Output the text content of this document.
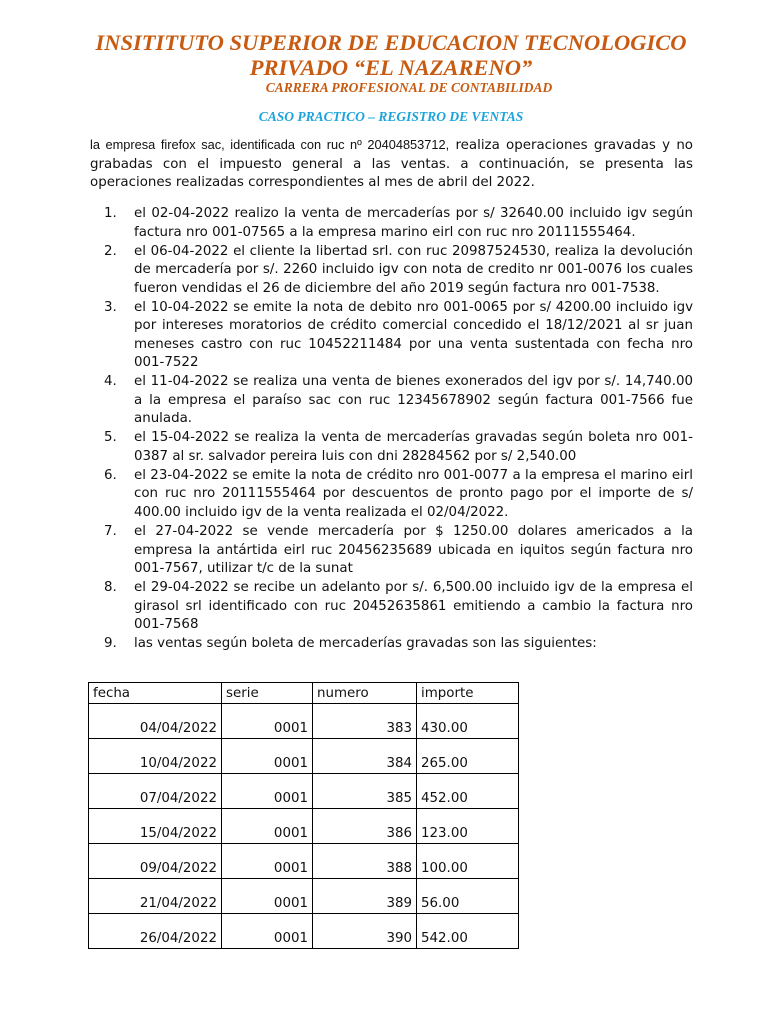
INSITITUTO SUPERIOR DE EDUCACION TECNOLOGICO
PRIVADO “EL NAZARENO”

CARRERA PROFESIONAL DE CONTABILIDAD

CASO PRACTICO – REGISTRO DE VENTAS

la empresa firefox sac, identificada con ruc nº 20404853712, realiza operaciones gravadas y no grabadas con el impuesto general a las ventas. a continuación, se presenta las operaciones realizadas correspondientes al mes de abril del 2022.

1.	el 02-04-2022 realizo la venta de mercaderías por s/ 32640.00 incluido igv según factura nro 001-07565 a la empresa marino eirl con ruc nro 20111555464.
2.	el 06-04-2022 el cliente la libertad srl. con ruc 20987524530, realiza la devolución de mercadería por s/. 2260 incluido igv con nota de credito nr 001-0076 los cuales fueron vendidas el 26 de diciembre del año 2019 según factura nro 001-7538.
3.	el 10-04-2022 se emite la nota de debito nro 001-0065 por s/ 4200.00 incluido igv por intereses moratorios de crédito comercial concedido el 18/12/2021 al sr juan meneses castro con ruc 10452211484 por una venta sustentada con fecha nro 001-7522
4.	el 11-04-2022 se realiza una venta de bienes exonerados del igv por s/. 14,740.00 a la empresa el paraíso sac con ruc 12345678902 según factura 001-7566 fue anulada.
5.	el 15-04-2022 se realiza la venta de mercaderías gravadas según boleta nro 001-0387 al sr. salvador pereira luis con dni 28284562 por s/ 2,540.00
6.	el 23-04-2022 se emite la nota de crédito nro 001-0077 a la empresa el marino eirl con ruc nro 20111555464 por descuentos de pronto pago por el importe de s/ 400.00 incluido igv de la venta realizada el 02/04/2022.
7.	el 27-04-2022 se vende mercadería por $ 1250.00 dolares americados a la empresa la antártida eirl ruc 20456235689 ubicada en iquitos según factura nro 001-7567, utilizar t/c de la sunat
8.	el 29-04-2022 se recibe un adelanto por s/. 6,500.00 incluido igv de la empresa el girasol srl identificado con ruc 20452635861 emitiendo a cambio la factura nro 001-7568
9.	las ventas según boleta de mercaderías gravadas son las siguientes:
fecha	serie	numero	importe
04/04/2022	0001	383	430.00
10/04/2022	0001	384	265.00
07/04/2022	0001	385	452.00
15/04/2022	0001	386	123.00
09/04/2022	0001	388	100.00
21/04/2022	0001	389	56.00
26/04/2022	0001	390	542.00
